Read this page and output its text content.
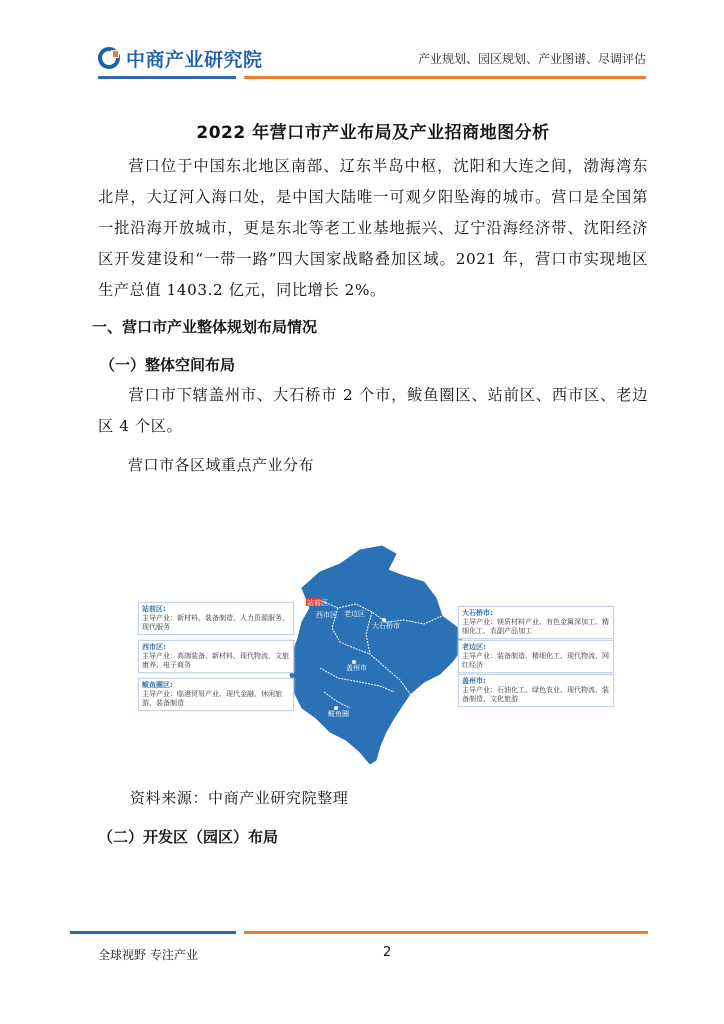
中商产业研究院	产业规划、园区规划、产业图谱、尽调评估
2022 年营口市产业布局及产业招商地图分析

营口位于中国东北地区南部、辽东半岛中枢，沈阳和大连之间，渤海湾东北岸，大辽河入海口处，是中国大陆唯一可观夕阳坠海的城市。营口是全国第一批沿海开放城市，更是东北等老工业基地振兴、辽宁沿海经济带、沈阳经济区开发建设和“一带一路”四大国家战略叠加区域。2021 年，营口市实现地区生产总值 1403.2 亿元，同比增长 2%。

一、营口市产业整体规划布局情况
（一）整体空间布局

营口市下辖盖州市、大石桥市 2 个市，鲅鱼圈区、站前区、西市区、老边区 4 个区。

营口市各区域重点产业分布

站前区
西市区 老边区
大石桥市
盖州市
鲅鱼圈
站前区:
主导产业：新材料、装备制造、人力资源服务、现代服务
西市区:
主导产业：高端装备、新材料、现代物流、文旅康养、电子商务
鲅鱼圈区:
主导产业：临港贸易产业、现代金融、休闲旅游、装备制造
大石桥市:
主导产业：镁质材料产业、有色金属深加工、精细化工、农副产品加工
老边区:
主导产业：装备制造、精细化工、现代物流、网红经济
盖州市:
主导产业：石油化工、绿色农业、现代物流、装备制造、文化旅游
资料来源：中商产业研究院整理
（二）开发区（园区）布局
全球视野 专注产业	2
